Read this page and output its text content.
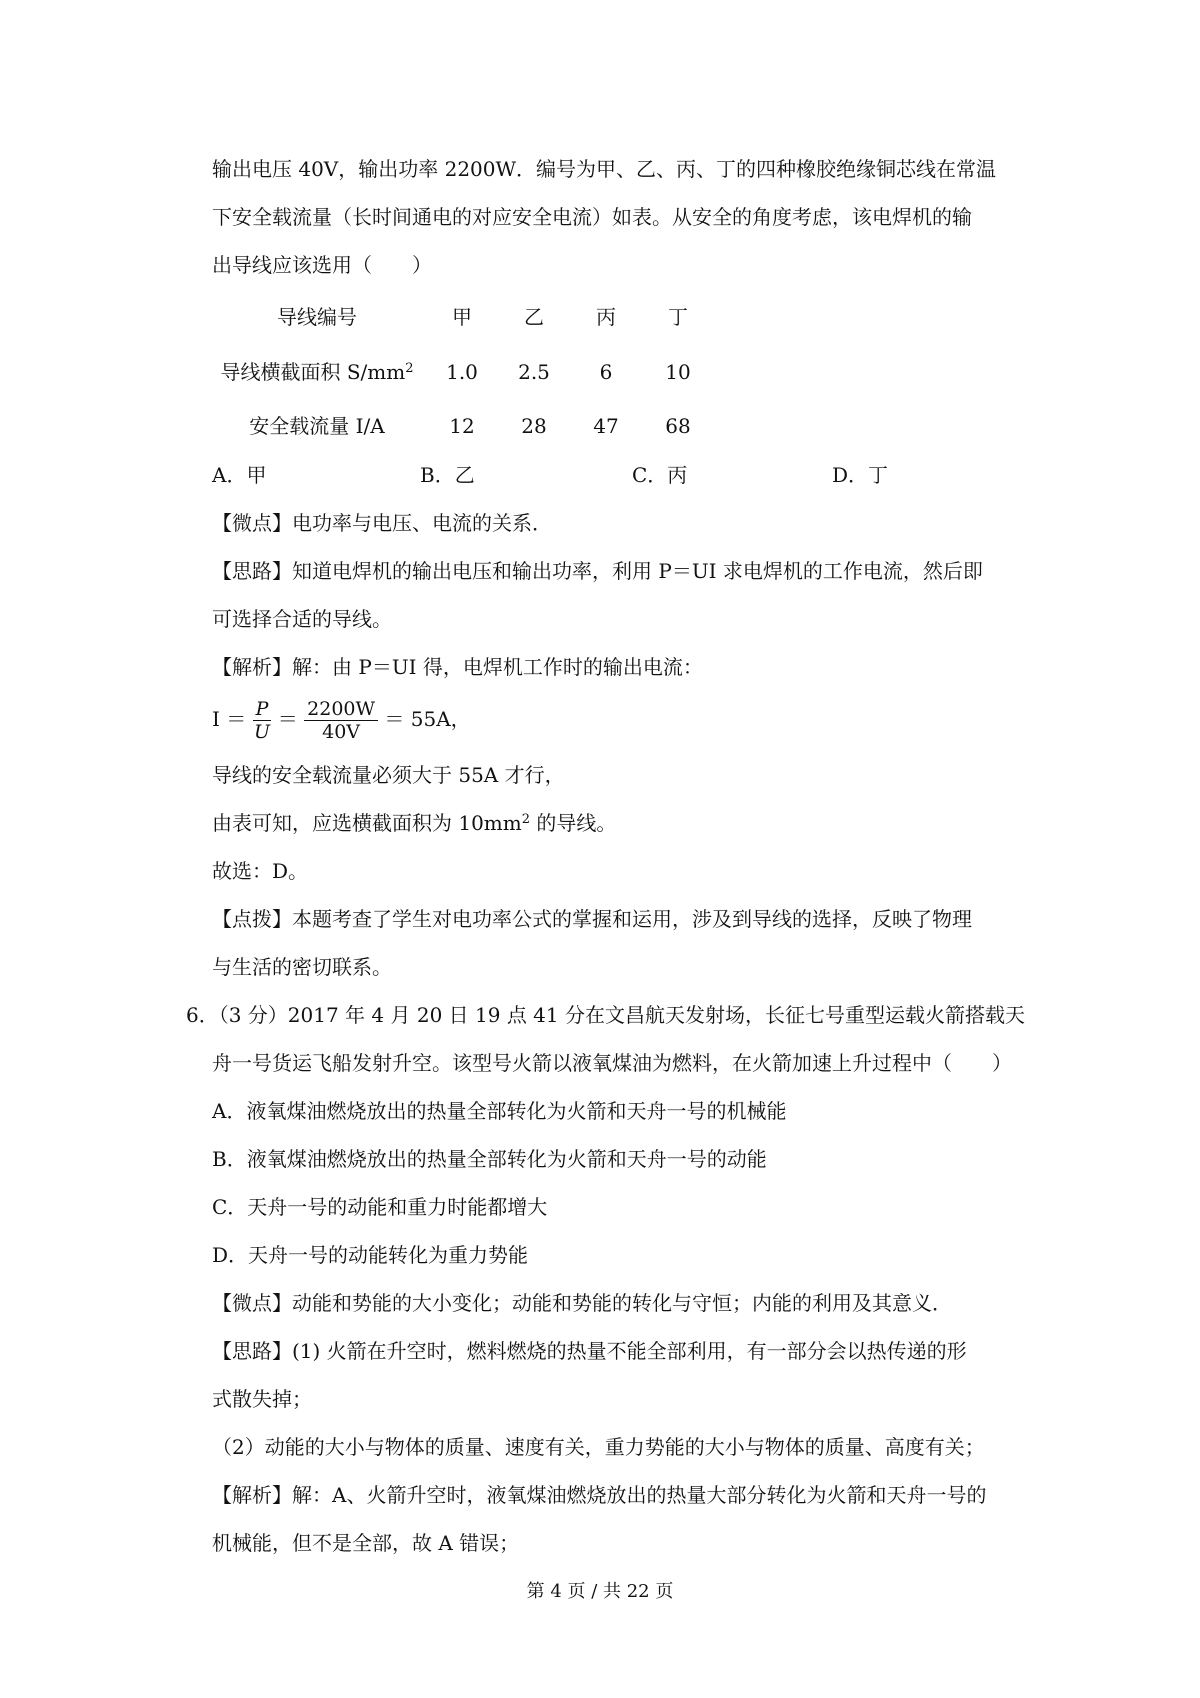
输出电压 40V，输出功率 2200W．编号为甲、乙、丙、丁的四种橡胶绝缘铜芯线在常温
下安全载流量（长时间通电的对应安全电流）如表。从安全的角度考虑，该电焊机的输
出导线应该选用（　　）
导线编号	甲	乙	丙	丁
导线横截面积 $S/mm^2$	1.0	2.5	6	10
安全载流量 I/A	12	28	47	68
A．甲	B．乙	C．丙	D．丁
【微点】电功率与电压、电流的关系．
【思路】知道电焊机的输出电压和输出功率，利用 P＝UI 求电焊机的工作电流，然后即
可选择合适的导线。
【解析】解：由 P＝UI 得，电焊机工作时的输出电流：
$I = \frac{P}{U} = \frac{2200W}{40V} = 55A$，
导线的安全载流量必须大于 55A 才行，
由表可知，应选横截面积为 $10mm^2$ 的导线。
故选：D。
【点拨】本题考查了学生对电功率公式的掌握和运用，涉及到导线的选择，反映了物理
与生活的密切联系。
6．（3 分）2017 年 4 月 20 日 19 点 41 分在文昌航天发射场，长征七号重型运载火箭搭载天
舟一号货运飞船发射升空。该型号火箭以液氧煤油为燃料，在火箭加速上升过程中（　　）
A．液氧煤油燃烧放出的热量全部转化为火箭和天舟一号的机械能
B．液氧煤油燃烧放出的热量全部转化为火箭和天舟一号的动能
C．天舟一号的动能和重力时能都增大
D．天舟一号的动能转化为重力势能
【微点】动能和势能的大小变化；动能和势能的转化与守恒；内能的利用及其意义．
【思路】(1) 火箭在升空时，燃料燃烧的热量不能全部利用，有一部分会以热传递的形
式散失掉；
（2）动能的大小与物体的质量、速度有关，重力势能的大小与物体的质量、高度有关；
【解析】解：A、火箭升空时，液氧煤油燃烧放出的热量大部分转化为火箭和天舟一号的
机械能，但不是全部，故 A 错误；
第 4 页 / 共 22 页
